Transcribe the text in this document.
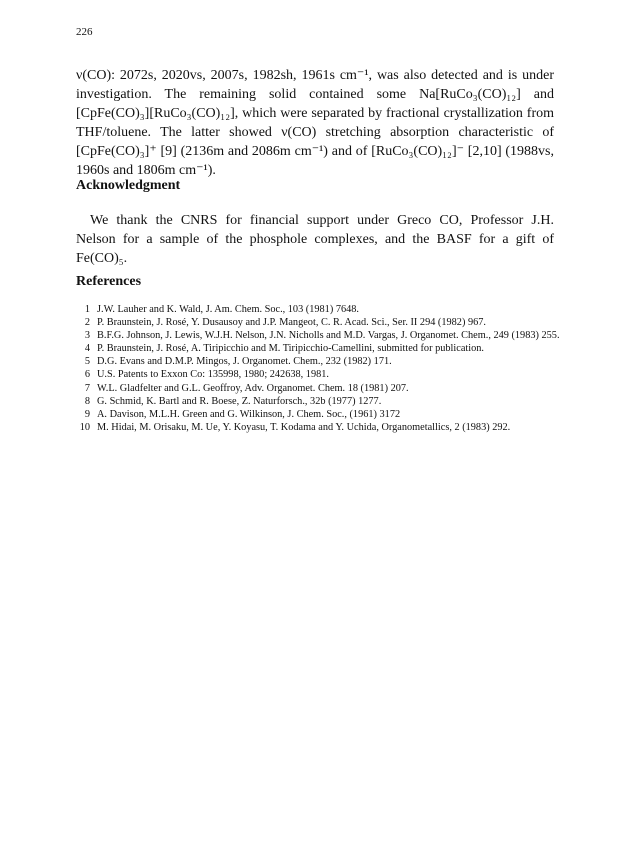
226

ν(CO): 2072s, 2020vs, 2007s, 1982sh, 1961s cm⁻¹, was also detected and is under
investigation. The remaining solid contained some Na[RuCo₃(CO)₁₂] and
[CpFe(CO)₃][RuCo₃(CO)₁₂], which were separated by fractional crystallization from
THF/toluene. The latter showed ν(CO) stretching absorption characteristic of
[CpFe(CO)₃]⁺ [9] (2136m and 2086m cm⁻¹) and of [RuCo₃(CO)₁₂]⁻ [2,10] (1988vs,
1960s and 1806m cm⁻¹).

Acknowledgment

We thank the CNRS for financial support under Greco CO, Professor J.H.
Nelson for a sample of the phosphole complexes, and the BASF for a gift of
Fe(CO)₅.

References
1 J.W. Lauher and K. Wald, J. Am. Chem. Soc., 103 (1981) 7648.
2 P. Braunstein, J. Rosé, Y. Dusausoy and J.P. Mangeot, C. R. Acad. Sci., Ser. II 294 (1982) 967.
3 B.F.G. Johnson, J. Lewis, W.J.H. Nelson, J.N. Nicholls and M.D. Vargas, J. Organomet. Chem., 249 (1983) 255.
4 P. Braunstein, J. Rosé, A. Tiripicchio and M. Tiripicchio-Camellini, submitted for publication.
5 D.G. Evans and D.M.P. Mingos, J. Organomet. Chem., 232 (1982) 171.
6 U.S. Patents to Exxon Co: 135998, 1980; 242638, 1981.
7 W.L. Gladfelter and G.L. Geoffroy, Adv. Organomet. Chem. 18 (1981) 207.
8 G. Schmid, K. Bartl and R. Boese, Z. Naturforsch., 32b (1977) 1277.
9 A. Davison, M.L.H. Green and G. Wilkinson, J. Chem. Soc., (1961) 3172
10 M. Hidai, M. Orisaku, M. Ue, Y. Koyasu, T. Kodama and Y. Uchida, Organometallics, 2 (1983) 292.
